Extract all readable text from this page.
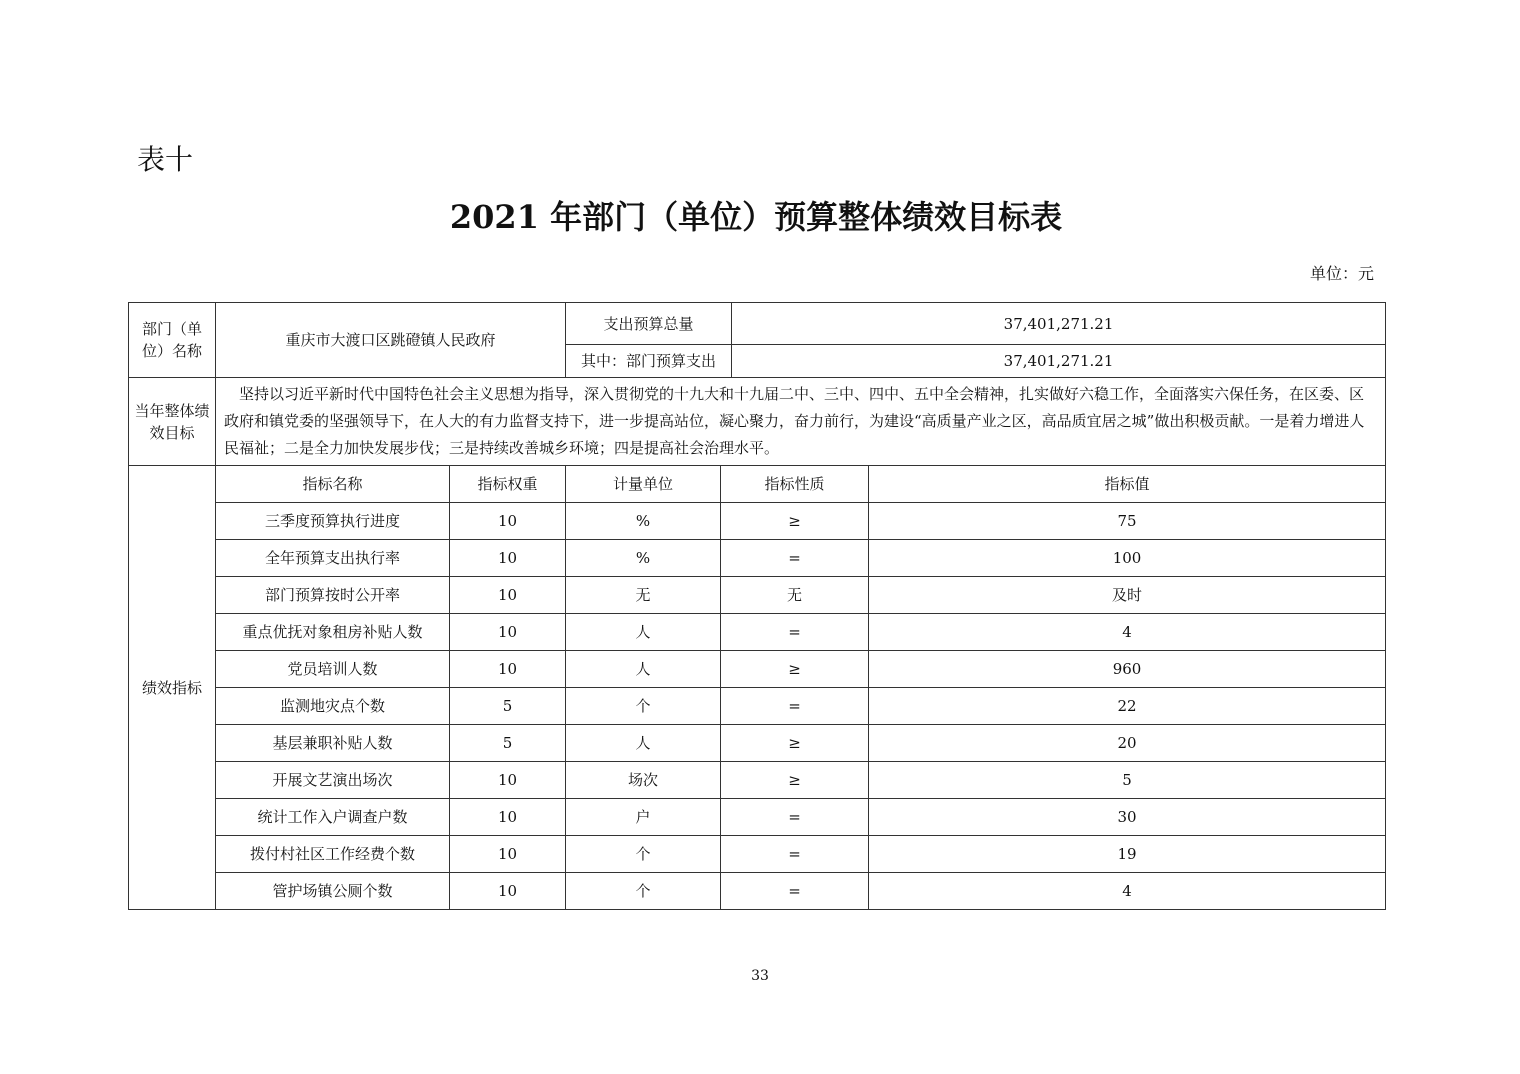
表十
2021 年部门（单位）预算整体绩效目标表
单位：元
部门（单位）名称	重庆市大渡口区跳磴镇人民政府		支出预算总量		37,401,271.21	
			其中：部门预算支出		37,401,271.21	
当年整体绩效目标	坚持以习近平新时代中国特色社会主义思想为指导，深入贯彻党的十九大和十九届二中、三中、四中、五中全会精神，扎实做好六稳工作，全面落实六保任务，在区委、区政府和镇党委的坚强领导下，在人大的有力监督支持下，进一步提高站位，凝心聚力，奋力前行，为建设“高质量产业之区，高品质宜居之城”做出积极贡献。一是着力增进人民福祉；二是全力加快发展步伐；三是持续改善城乡环境；四是提高社会治理水平。					

绩效指标	指标名称	指标权重	计量单位	指标性质		指标值
	三季度预算执行进度	10	%	≥		75
	全年预算支出执行率	10	%	=		100
	部门预算按时公开率	10	无	无		及时
	重点优抚对象租房补贴人数	10	人	=		4
	党员培训人数	10	人	≥		960
	监测地灾点个数	5	个	=		22
	基层兼职补贴人数	5	人	≥		20
	开展文艺演出场次	10	场次	≥		5
	统计工作入户调查户数	10	户	=		30
	拨付村社区工作经费个数	10	个	=		19
	管护场镇公厕个数	10	个	=		4
33
